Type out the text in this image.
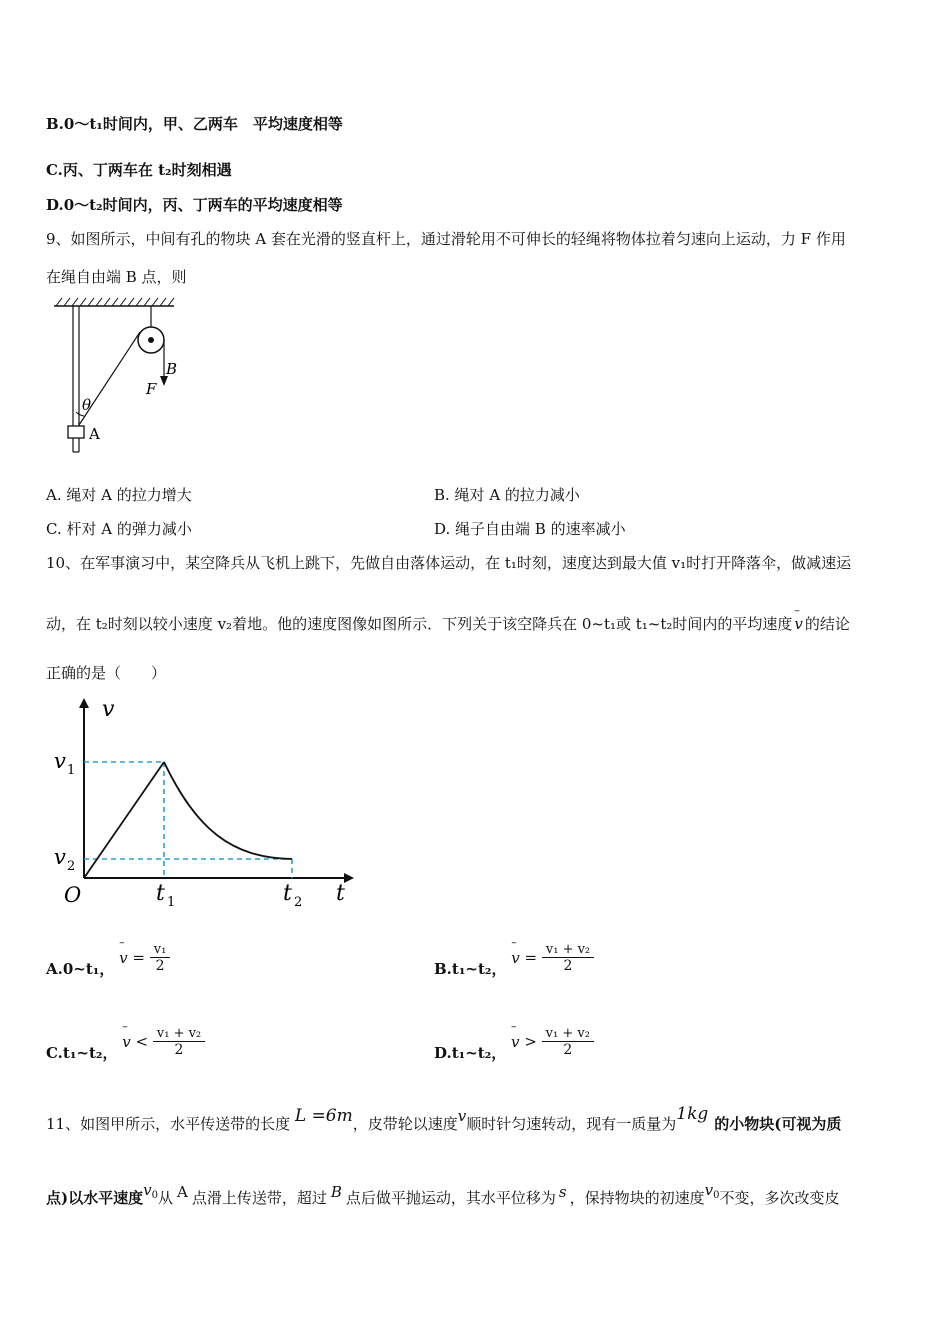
B.0～t₁时间内，甲、乙两车　平均速度相等
C.丙、丁两车在 t₂时刻相遇
D.0～t₂时间内，丙、丁两车的平均速度相等
9、如图所示，中间有孔的物块 A 套在光滑的竖直杆上，通过滑轮用不可伸长的轻绳将物体拉着匀速向上运动，力 F 作用
在绳自由端 B 点，则
θ
A
B
F
A. 绳对 A 的拉力增大	B. 绳对 A 的拉力减小
C. 杆对 A 的弹力减小	D. 绳子自由端 B 的速率减小
10、在军事演习中，某空降兵从飞机上跳下，先做自由落体运动，在 t₁时刻，速度达到最大值 v₁时打开降落伞，做减速运
动，在 t₂时刻以较小速度 v₂着地。他的速度图像如图所示．下列关于该空降兵在 0~t₁或 t₁~t₂时间内的平均速度– v 的结论
正确的是（　　）
v
t
O
v 1
v 2
t 1	t 2
A.0~t₁， – $v = \frac{\text{v₁}}{2}$	B.t₁~t₂， – $v = \frac{\text{v₁ + v₂}}{2}$
C.t₁~t₂， – $v < \frac{\text{v₁ + v₂}}{2}$	D.t₁~t₂， – $v > \frac{\text{v₁ + v₂}}{2}$
11、如图甲所示，水平传送带的长度 L =6m，皮带轮以速度v顺时针匀速转动，现有一质量为1kg 的小物块(可视为质
点)以水平速度$v_0$从 A 点滑上传送带，超过 B 点后做平抛运动，其水平位移为 s ，保持物块的初速度$v_0$不变，多次改变皮
